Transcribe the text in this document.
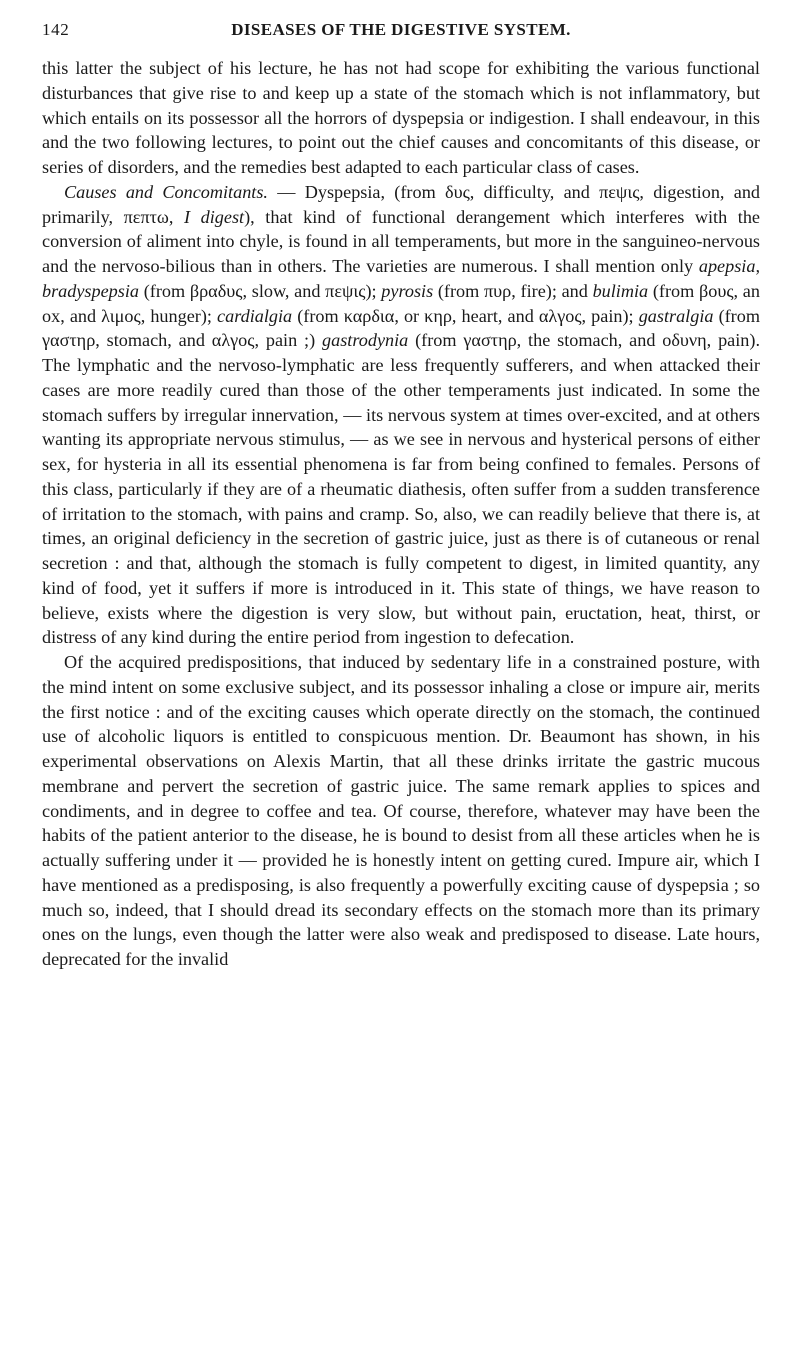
142	DISEASES OF THE DIGESTIVE SYSTEM.

this latter the subject of his lecture, he has not had scope for exhibiting the various functional disturbances that give rise to and keep up a state of the stomach which is not inflammatory, but which entails on its possessor all the horrors of dyspepsia or indigestion. I shall endeavour, in this and the two following lectures, to point out the chief causes and concomitants of this disease, or series of disorders, and the remedies best adapted to each particular class of cases.

Causes and Concomitants. — Dyspepsia, (from δυς, difficulty, and πεψις, digestion, and primarily, πεπτω, I digest), that kind of functional derangement which interferes with the conversion of aliment into chyle, is found in all temperaments, but more in the sanguineo-nervous and the nervoso-bilious than in others. The varieties are numerous. I shall mention only apepsia, bradyspepsia (from βραδυς, slow, and πεψις); pyrosis (from πυρ, fire); and bulimia (from βους, an ox, and λιμος, hunger); cardialgia (from καρδια, or κηρ, heart, and αλγος, pain); gastralgia (from γαστηρ, stomach, and αλγος, pain ;) gastrodynia (from γαστηρ, the stomach, and οδυνη, pain). The lymphatic and the nervoso-lymphatic are less frequently sufferers, and when attacked their cases are more readily cured than those of the other temperaments just indicated. In some the stomach suffers by irregular innervation, — its nervous system at times over-excited, and at others wanting its appropriate nervous stimulus, — as we see in nervous and hysterical persons of either sex, for hysteria in all its essential phenomena is far from being confined to females. Persons of this class, particularly if they are of a rheumatic diathesis, often suffer from a sudden transference of irritation to the stomach, with pains and cramp. So, also, we can readily believe that there is, at times, an original deficiency in the secretion of gastric juice, just as there is of cutaneous or renal secretion : and that, although the stomach is fully competent to digest, in limited quantity, any kind of food, yet it suffers if more is introduced in it. This state of things, we have reason to believe, exists where the digestion is very slow, but without pain, eructation, heat, thirst, or distress of any kind during the entire period from ingestion to defecation.

Of the acquired predispositions, that induced by sedentary life in a constrained posture, with the mind intent on some exclusive subject, and its possessor inhaling a close or impure air, merits the first notice : and of the exciting causes which operate directly on the stomach, the continued use of alcoholic liquors is entitled to conspicuous mention. Dr. Beaumont has shown, in his experimental observations on Alexis Martin, that all these drinks irritate the gastric mucous membrane and pervert the secretion of gastric juice. The same remark applies to spices and condiments, and in degree to coffee and tea. Of course, therefore, whatever may have been the habits of the patient anterior to the disease, he is bound to desist from all these articles when he is actually suffering under it — provided he is honestly intent on getting cured. Impure air, which I have mentioned as a predisposing, is also frequently a powerfully exciting cause of dyspepsia ; so much so, indeed, that I should dread its secondary effects on the stomach more than its primary ones on the lungs, even though the latter were also weak and predisposed to disease. Late hours, deprecated for the invalid
